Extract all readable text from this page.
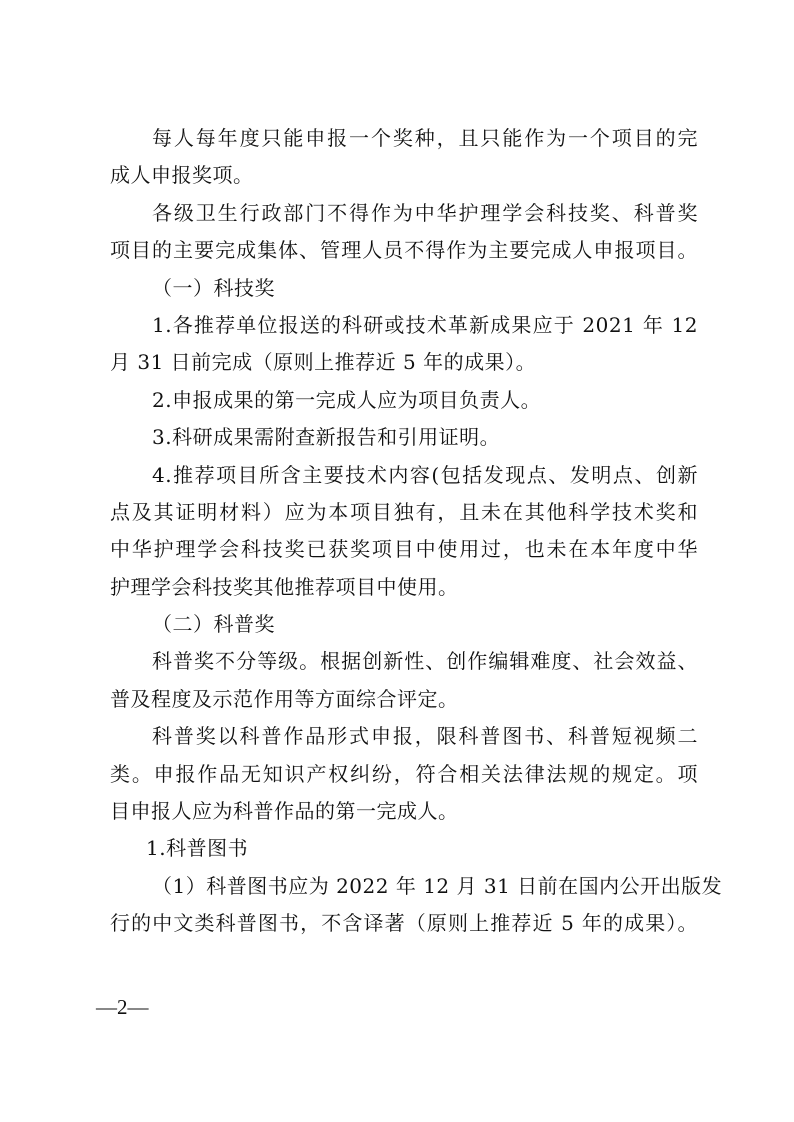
每人每年度只能申报一个奖种，且只能作为一个项目的完
成人申报奖项。
各级卫生行政部门不得作为中华护理学会科技奖、科普奖
项目的主要完成集体、管理人员不得作为主要完成人申报项目。
（一）科技奖
1.各推荐单位报送的科研或技术革新成果应于 2021 年 12
月 31 日前完成（原则上推荐近 5 年的成果）。
2.申报成果的第一完成人应为项目负责人。
3.科研成果需附查新报告和引用证明。
4.推荐项目所含主要技术内容(包括发现点、发明点、创新
点及其证明材料）应为本项目独有，且未在其他科学技术奖和
中华护理学会科技奖已获奖项目中使用过，也未在本年度中华
护理学会科技奖其他推荐项目中使用。
（二）科普奖
科普奖不分等级。根据创新性、创作编辑难度、社会效益、
普及程度及示范作用等方面综合评定。
科普奖以科普作品形式申报，限科普图书、科普短视频二
类。申报作品无知识产权纠纷，符合相关法律法规的规定。项
目申报人应为科普作品的第一完成人。
1.科普图书
（1）科普图书应为 2022 年 12 月 31 日前在国内公开出版发
行的中文类科普图书，不含译著（原则上推荐近 5 年的成果）。
—2—
